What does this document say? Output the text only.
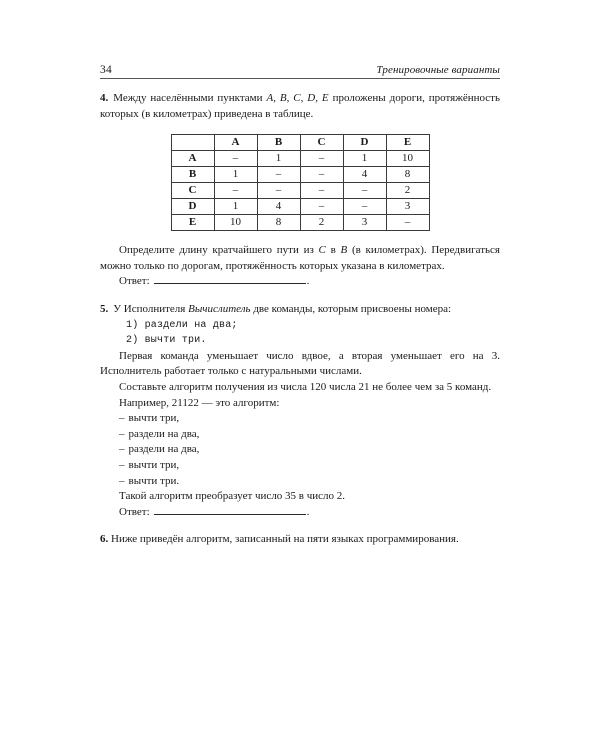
34	Тренировочные варианты

4. Между населёнными пунктами A, B, C, D, E проложены дороги, протяжённость которых (в километрах) приведена в таблице.

	A	B	C	D	E
A	–	1	–	1	10
B	1	–	–	4	8
C	–	–	–	–	2
D	1	4	–	–	3
E	10	8	2	3	–

Определите длину кратчайшего пути из C в B (в километрах). Передвигаться можно только по дорогам, протяжённость которых указана в километрах.

Ответ:	.

5. У Исполнителя Вычислитель две команды, которым присвоены номера:

1) раздели на два;

2) вычти три.

Первая команда уменьшает число вдвое, а вторая уменьшает его на 3. Исполнитель работает только с натуральными числами.

Составьте алгоритм получения из числа 120 числа 21 не более чем за 5 команд.

Например, 21122 — это алгоритм:

– вычти три,

– раздели на два,

– раздели на два,

– вычти три,

– вычти три.

Такой алгоритм преобразует число 35 в число 2.

Ответ:	.

6. Ниже приведён алгоритм, записанный на пяти языках программирования.
